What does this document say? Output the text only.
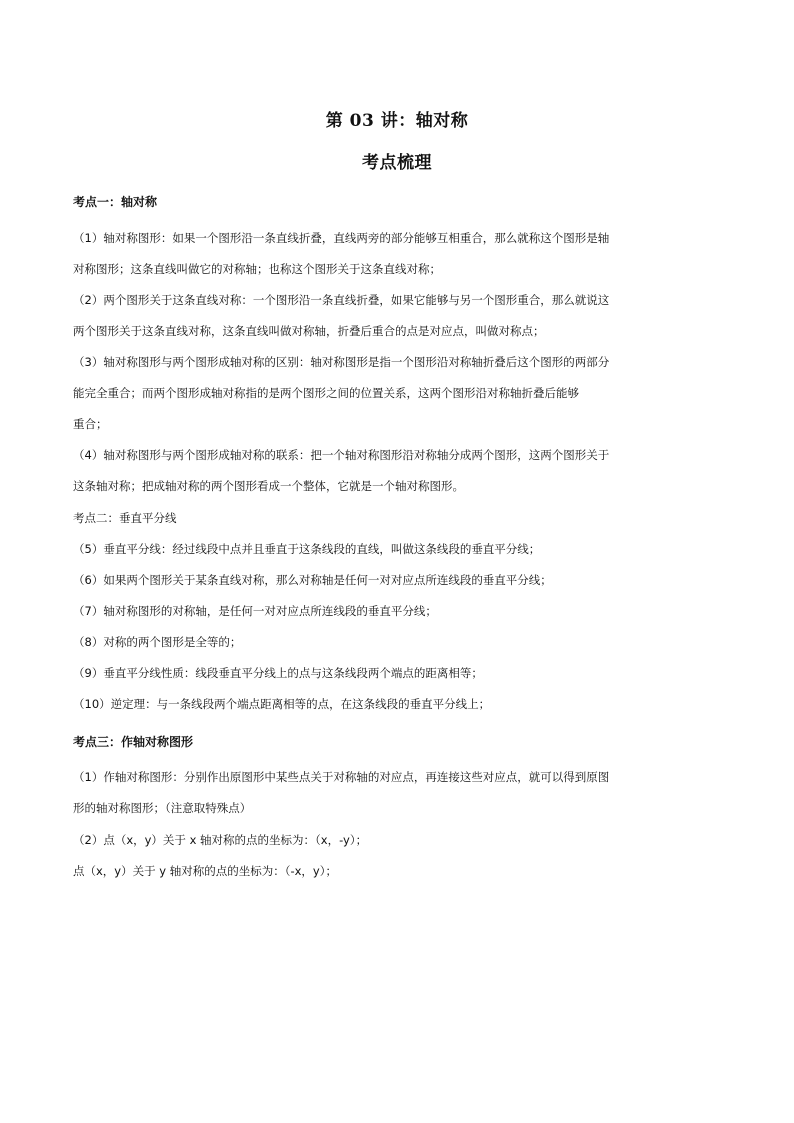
第 03 讲：轴对称
考点梳理
考点一：轴对称
（1）轴对称图形：如果一个图形沿一条直线折叠，直线两旁的部分能够互相重合，那么就称这个图形是轴
对称图形；这条直线叫做它的对称轴；也称这个图形关于这条直线对称；
（2）两个图形关于这条直线对称：一个图形沿一条直线折叠，如果它能够与另一个图形重合，那么就说这
两个图形关于这条直线对称，这条直线叫做对称轴，折叠后重合的点是对应点，叫做对称点；
（3）轴对称图形与两个图形成轴对称的区别：轴对称图形是指一个图形沿对称轴折叠后这个图形的两部分
能完全重合；而两个图形成轴对称指的是两个图形之间的位置关系，这两个图形沿对称轴折叠后能够
重合；
（4）轴对称图形与两个图形成轴对称的联系：把一个轴对称图形沿对称轴分成两个图形，这两个图形关于
这条轴对称；把成轴对称的两个图形看成一个整体，它就是一个轴对称图形。
考点二：垂直平分线
（5）垂直平分线：经过线段中点并且垂直于这条线段的直线，叫做这条线段的垂直平分线；
（6）如果两个图形关于某条直线对称，那么对称轴是任何一对对应点所连线段的垂直平分线；
（7）轴对称图形的对称轴，是任何一对对应点所连线段的垂直平分线；
（8）对称的两个图形是全等的；
（9）垂直平分线性质：线段垂直平分线上的点与这条线段两个端点的距离相等；
（10）逆定理：与一条线段两个端点距离相等的点，在这条线段的垂直平分线上；
考点三：作轴对称图形
（1）作轴对称图形：分别作出原图形中某些点关于对称轴的对应点，再连接这些对应点，就可以得到原图
形的轴对称图形；（注意取特殊点）
（2）点（x，y）关于 x 轴对称的点的坐标为：（x，-y）；
点（x，y）关于 y 轴对称的点的坐标为：（-x，y）；
